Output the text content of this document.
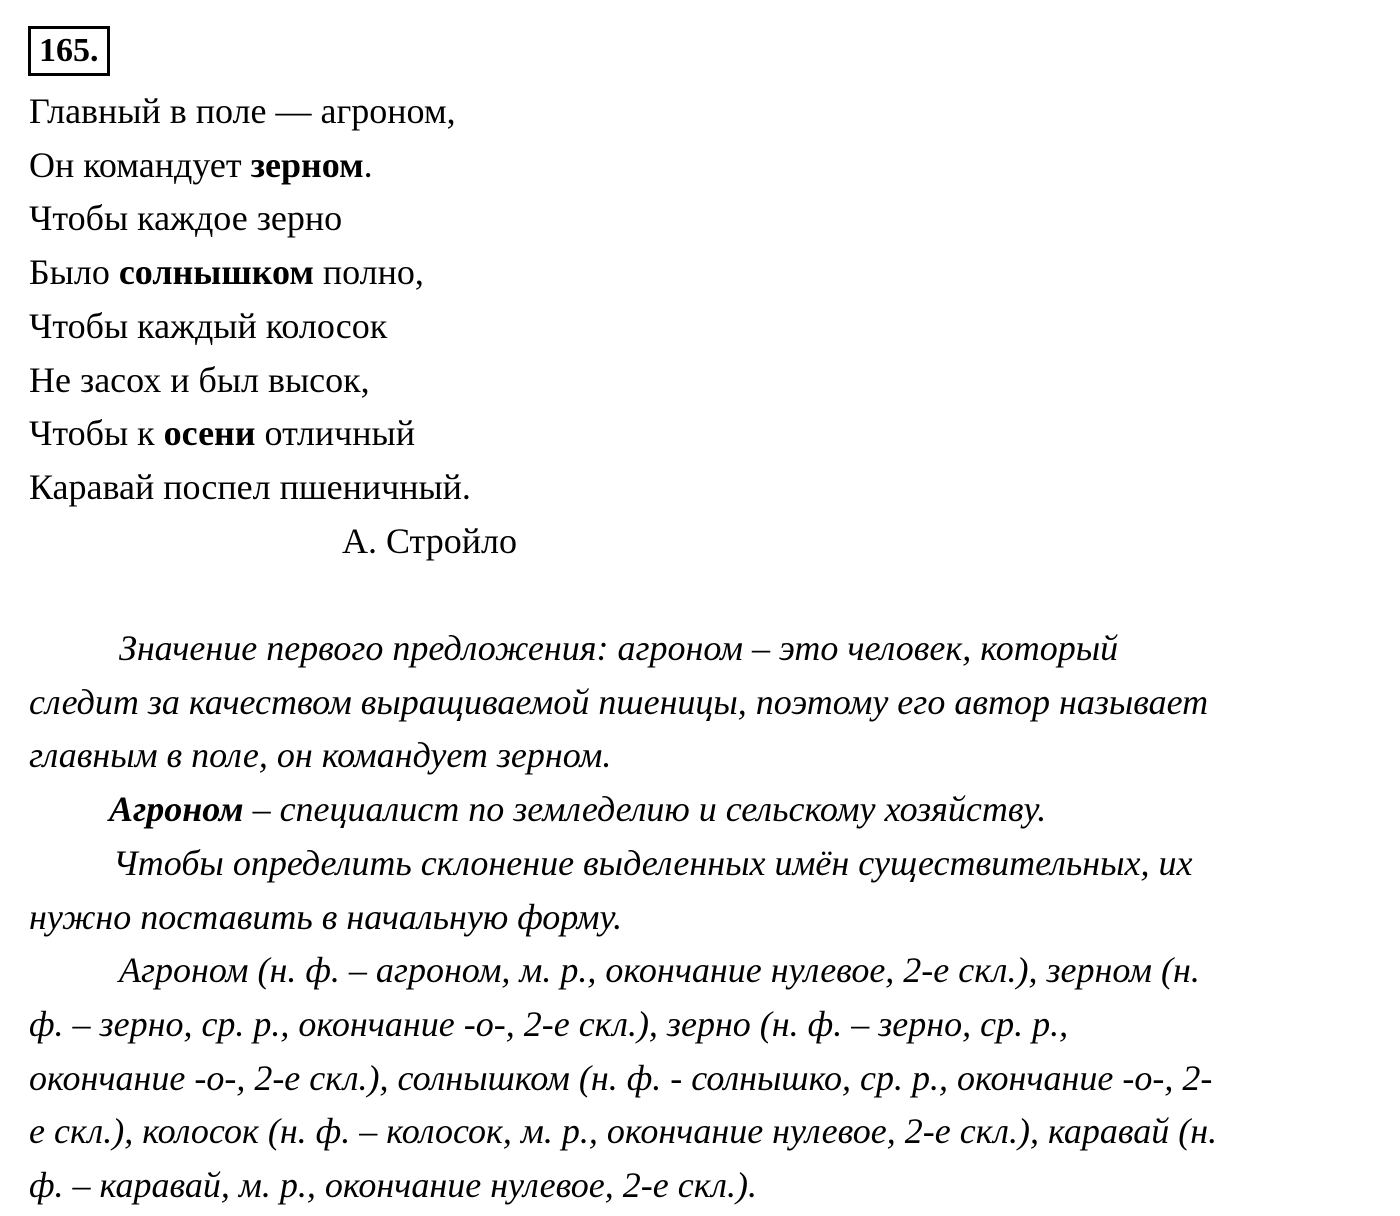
165.
Главный в поле — агроном,
Он командует зерном.
Чтобы каждое зерно
Было солнышком полно,
Чтобы каждый колосок
Не засох и был высок,
Чтобы к осени отличный
Каравай поспел пшеничный.
А. Стройло
Значение первого предложения: агроном – это человек, который
следит за качеством выращиваемой пшеницы, поэтому его автор называет
главным в поле, он командует зерном.
Агроном – специалист по земледелию и сельскому хозяйству.
Чтобы определить склонение выделенных имён существительных, их
нужно поставить в начальную форму.
Агроном (н. ф. – агроном, м. р., окончание нулевое, 2-е скл.), зерном (н.
ф. – зерно, ср. р., окончание -о-, 2-е скл.), зерно (н. ф. – зерно, ср. р.,
окончание -о-, 2-е скл.), солнышком (н. ф. - солнышко, ср. р., окончание -о-, 2-
е скл.), колосок (н. ф. – колосок, м. р., окончание нулевое, 2-е скл.), каравай (н.
ф. – каравай, м. р., окончание нулевое, 2-е скл.).
